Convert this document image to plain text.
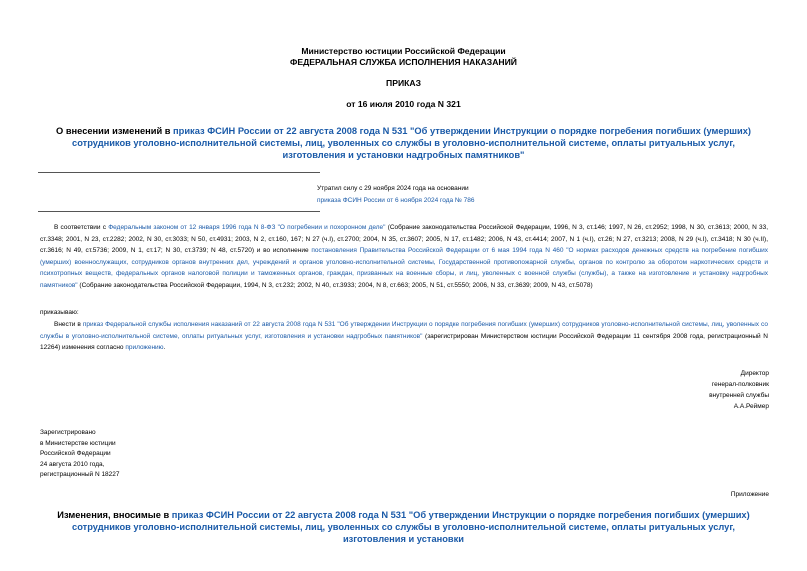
Министерство юстиции Российской Федерации
ФЕДЕРАЛЬНАЯ СЛУЖБА ИСПОЛНЕНИЯ НАКАЗАНИЙ
ПРИКАЗ
от 16 июля 2010 года N 321
О внесении изменений в приказ ФСИН России от 22 августа 2008 года N 531 "Об утверждении Инструкции о порядке погребения погибших (умерших) сотрудников уголовно-исполнительной системы, лиц, уволенных со службы в уголовно-исполнительной системе, оплаты ритуальных услуг, изготовления и установки надгробных памятников"
Утратил силу с 29 ноября 2024 года на основании
приказа ФСИН России от 6 ноября 2024 года № 786
В соответствии с Федеральным законом от 12 января 1996 года N 8-ФЗ "О погребении и похоронном деле" (Собрание законодательства Российской Федерации, 1996, N 3, ст.146; 1997, N 26, ст.2952; 1998, N 30, ст.3613; 2000, N 33, ст.3348; 2001, N 23, ст.2282; 2002, N 30, ст.3033; N 50, ст.4931; 2003, N 2, ст.160, 167; N 27 (ч.I), ст.2700; 2004, N 35, ст.3607; 2005, N 17, ст.1482; 2006, N 43, ст.4414; 2007, N 1 (ч.I), ст.26; N 27, ст.3213; 2008, N 29 (ч.I), ст.3418; N 30 (ч.II), ст.3616; N 49, ст.5736; 2009, N 1, ст.17; N 30, ст.3739; N 48, ст.5720) и во исполнение постановления Правительства Российской Федерации от 6 мая 1994 года N 460 "О нормах расходов денежных средств на погребение погибших (умерших) военнослужащих, сотрудников органов внутренних дел, учреждений и органов уголовно-исполнительной системы, Государственной противопожарной службы, органов по контролю за оборотом наркотических средств и психотропных веществ, федеральных органов налоговой полиции и таможенных органов, граждан, призванных на военные сборы, и лиц, уволенных с военной службы (службы), а также на изготовление и установку надгробных памятников" (Собрание законодательства Российской Федерации, 1994, N 3, ст.232; 2002, N 40, ст.3933; 2004, N 8, ст.663; 2005, N 51, ст.5550; 2006, N 33, ст.3639; 2009, N 43, ст.5078)
приказываю:
Внести в приказ Федеральной службы исполнения наказаний от 22 августа 2008 года N 531 "Об утверждении Инструкции о порядке погребения погибших (умерших) сотрудников уголовно-исполнительной системы, лиц, уволенных со службы в уголовно-исполнительной системе, оплаты ритуальных услуг, изготовления и установки надгробных памятников" (зарегистрирован Министерством юстиции Российской Федерации 11 сентября 2008 года, регистрационный N 12264) изменения согласно приложению.
Директор
генерал-полковник
внутренней службы
А.А.Реймер
Зарегистрировано
в Министерстве юстиции
Российской Федерации
24 августа 2010 года,
регистрационный N 18227
Приложение
Изменения, вносимые в приказ ФСИН России от 22 августа 2008 года N 531 "Об утверждении Инструкции о порядке погребения погибших (умерших) сотрудников уголовно-исполнительной системы, лиц, уволенных со службы в уголовно-исполнительной системе, оплаты ритуальных услуг, изготовления и установки
